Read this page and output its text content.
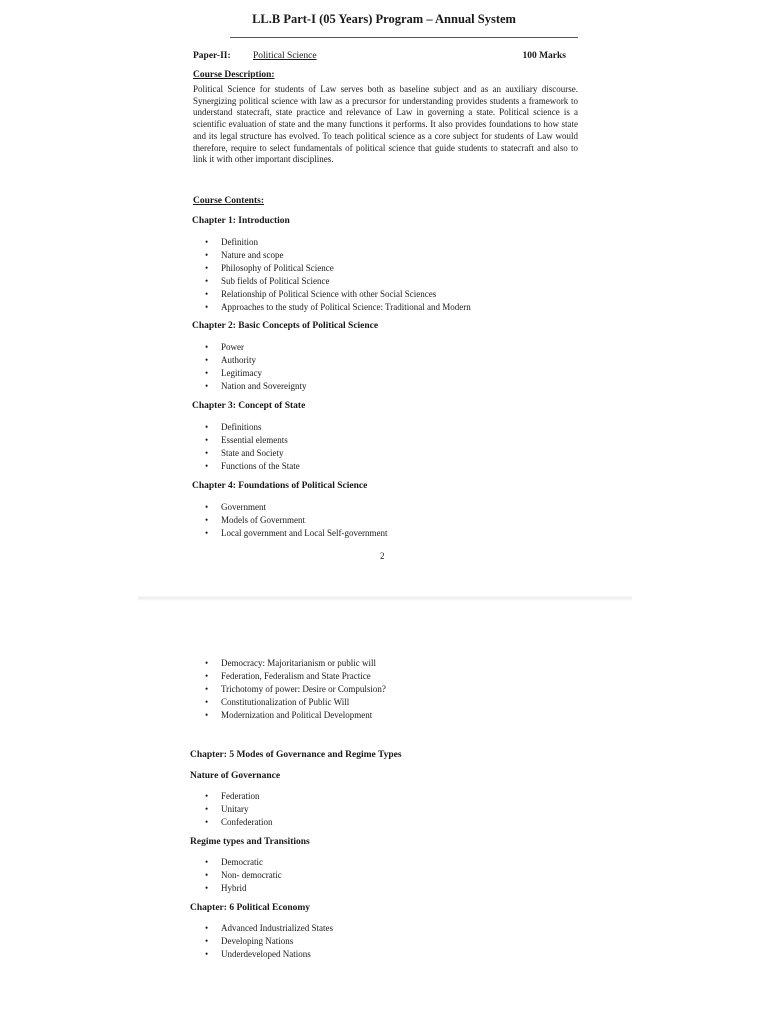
LL.B Part-I (05 Years) Program – Annual System
Paper-II: Political Science	100 Marks
Course Description:

Political Science for students of Law serves both as baseline subject and as an auxiliary discourse. Synergizing political science with law as a precursor for understanding provides students a framework to understand statecraft, state practice and relevance of Law in governing a state. Political science is a scientific evaluation of state and the many functions it performs. It also provides foundations to how state and its legal structure has evolved. To teach political science as a core subject for students of Law would therefore, require to select fundamentals of political science that guide students to statecraft and also to link it with other important disciplines.

Course Contents:
Chapter 1: Introduction
• Definition
• Nature and scope
• Philosophy of Political Science
• Sub fields of Political Science
• Relationship of Political Science with other Social Sciences
• Approaches to the study of Political Science: Traditional and Modern
Chapter 2: Basic Concepts of Political Science
• Power
• Authority
• Legitimacy
• Nation and Sovereignty
Chapter 3: Concept of State
• Definitions
• Essential elements
• State and Society
• Functions of the State
Chapter 4: Foundations of Political Science
• Government
• Models of Government
• Local government and Local Self-government
2
• Democracy: Majoritarianism or public will
• Federation, Federalism and State Practice
• Trichotomy of power: Desire or Compulsion?
• Constitutionalization of Public Will
• Modernization and Political Development
Chapter: 5 Modes of Governance and Regime Types
Nature of Governance
• Federation
• Unitary
• Confederation
Regime types and Transitions
• Democratic
• Non- democratic
• Hybrid
Chapter: 6 Political Economy
• Advanced Industrialized States
• Developing Nations
• Underdeveloped Nations
